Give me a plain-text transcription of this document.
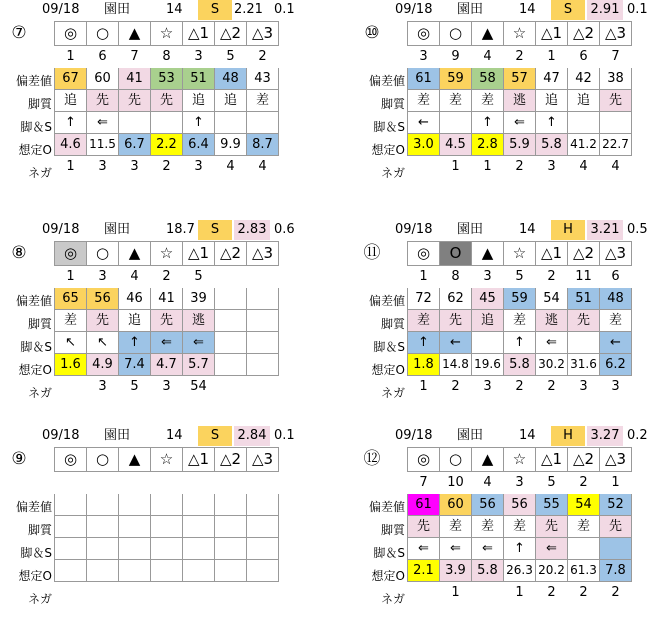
09/18 園田	14	S	2.21 0.1
⑦	◎	○	▲	☆	△1	△2	△3
1	6	7	8	3	5	2
67	60	41	53	51	48	43
追	先	先	先	追	追	差
↑	⇐			↑		
4.6	11.5	6.7	2.2	6.4	9.9	8.7
1	3	3	2	3	4	4
偏差値
脚質
脚＆S
想定O
ネガ
09/18 園田	14	S	2.91 0.1
⑩	◎	○	▲	☆	△1	△2	△3
3	9	4	2	1	6	7
61	59	58	57	47	42	38
差	差	差	逃	追	追	先
←		↑	⇐	↑		
3.0	4.5	2.8	5.9	5.8	41.2	22.7
	1	1	2	3	4	4
偏差値
脚質
脚＆S
想定O
ネガ
09/18 園田	18.7	S	2.83 0.6
⑧	◎	○	▲	☆	△1	△2	△3
1	3	4	2	5		
65	56	46	41	39		
差	先	追	先	逃		
↖	↖	↑	⇐	⇐		
1.6	4.9	7.4	4.7	5.7		
	3	5	3	54		
偏差値
脚質
脚＆S
想定O
ネガ
09/18 園田	14	H	3.21 0.5
⑪	◎	O	▲	☆	△1	△2	△3
1	8	3	5	2	11	6
72	62	45	59	54	51	48
差	先	追	差	逃	先	差
↑	←		↑	⇐		←
1.8	14.8	19.6	5.8	30.2	31.6	6.2
1	2	3	2	2	3	3
偏差値
脚質
脚＆S
想定O
ネガ
09/18 園田	14	S	2.84 0.1
⑨	◎	○	▲	☆	△1	△2	△3

偏差値
脚質
脚＆S
想定O
ネガ
09/18 園田	14	H	3.27 0.2
⑫	◎	○	▲	☆	△1	△2	△3
7	10	4	3	5	2	1
61	60	56	56	55	54	52
先	差	差	差	先	差	先
⇐	⇐	⇐	↑	⇐		
2.1	3.9	5.8	26.3	20.2	61.3	7.8
	1		1	2	2	2
偏差値
脚質
脚＆S
想定O
ネガ
